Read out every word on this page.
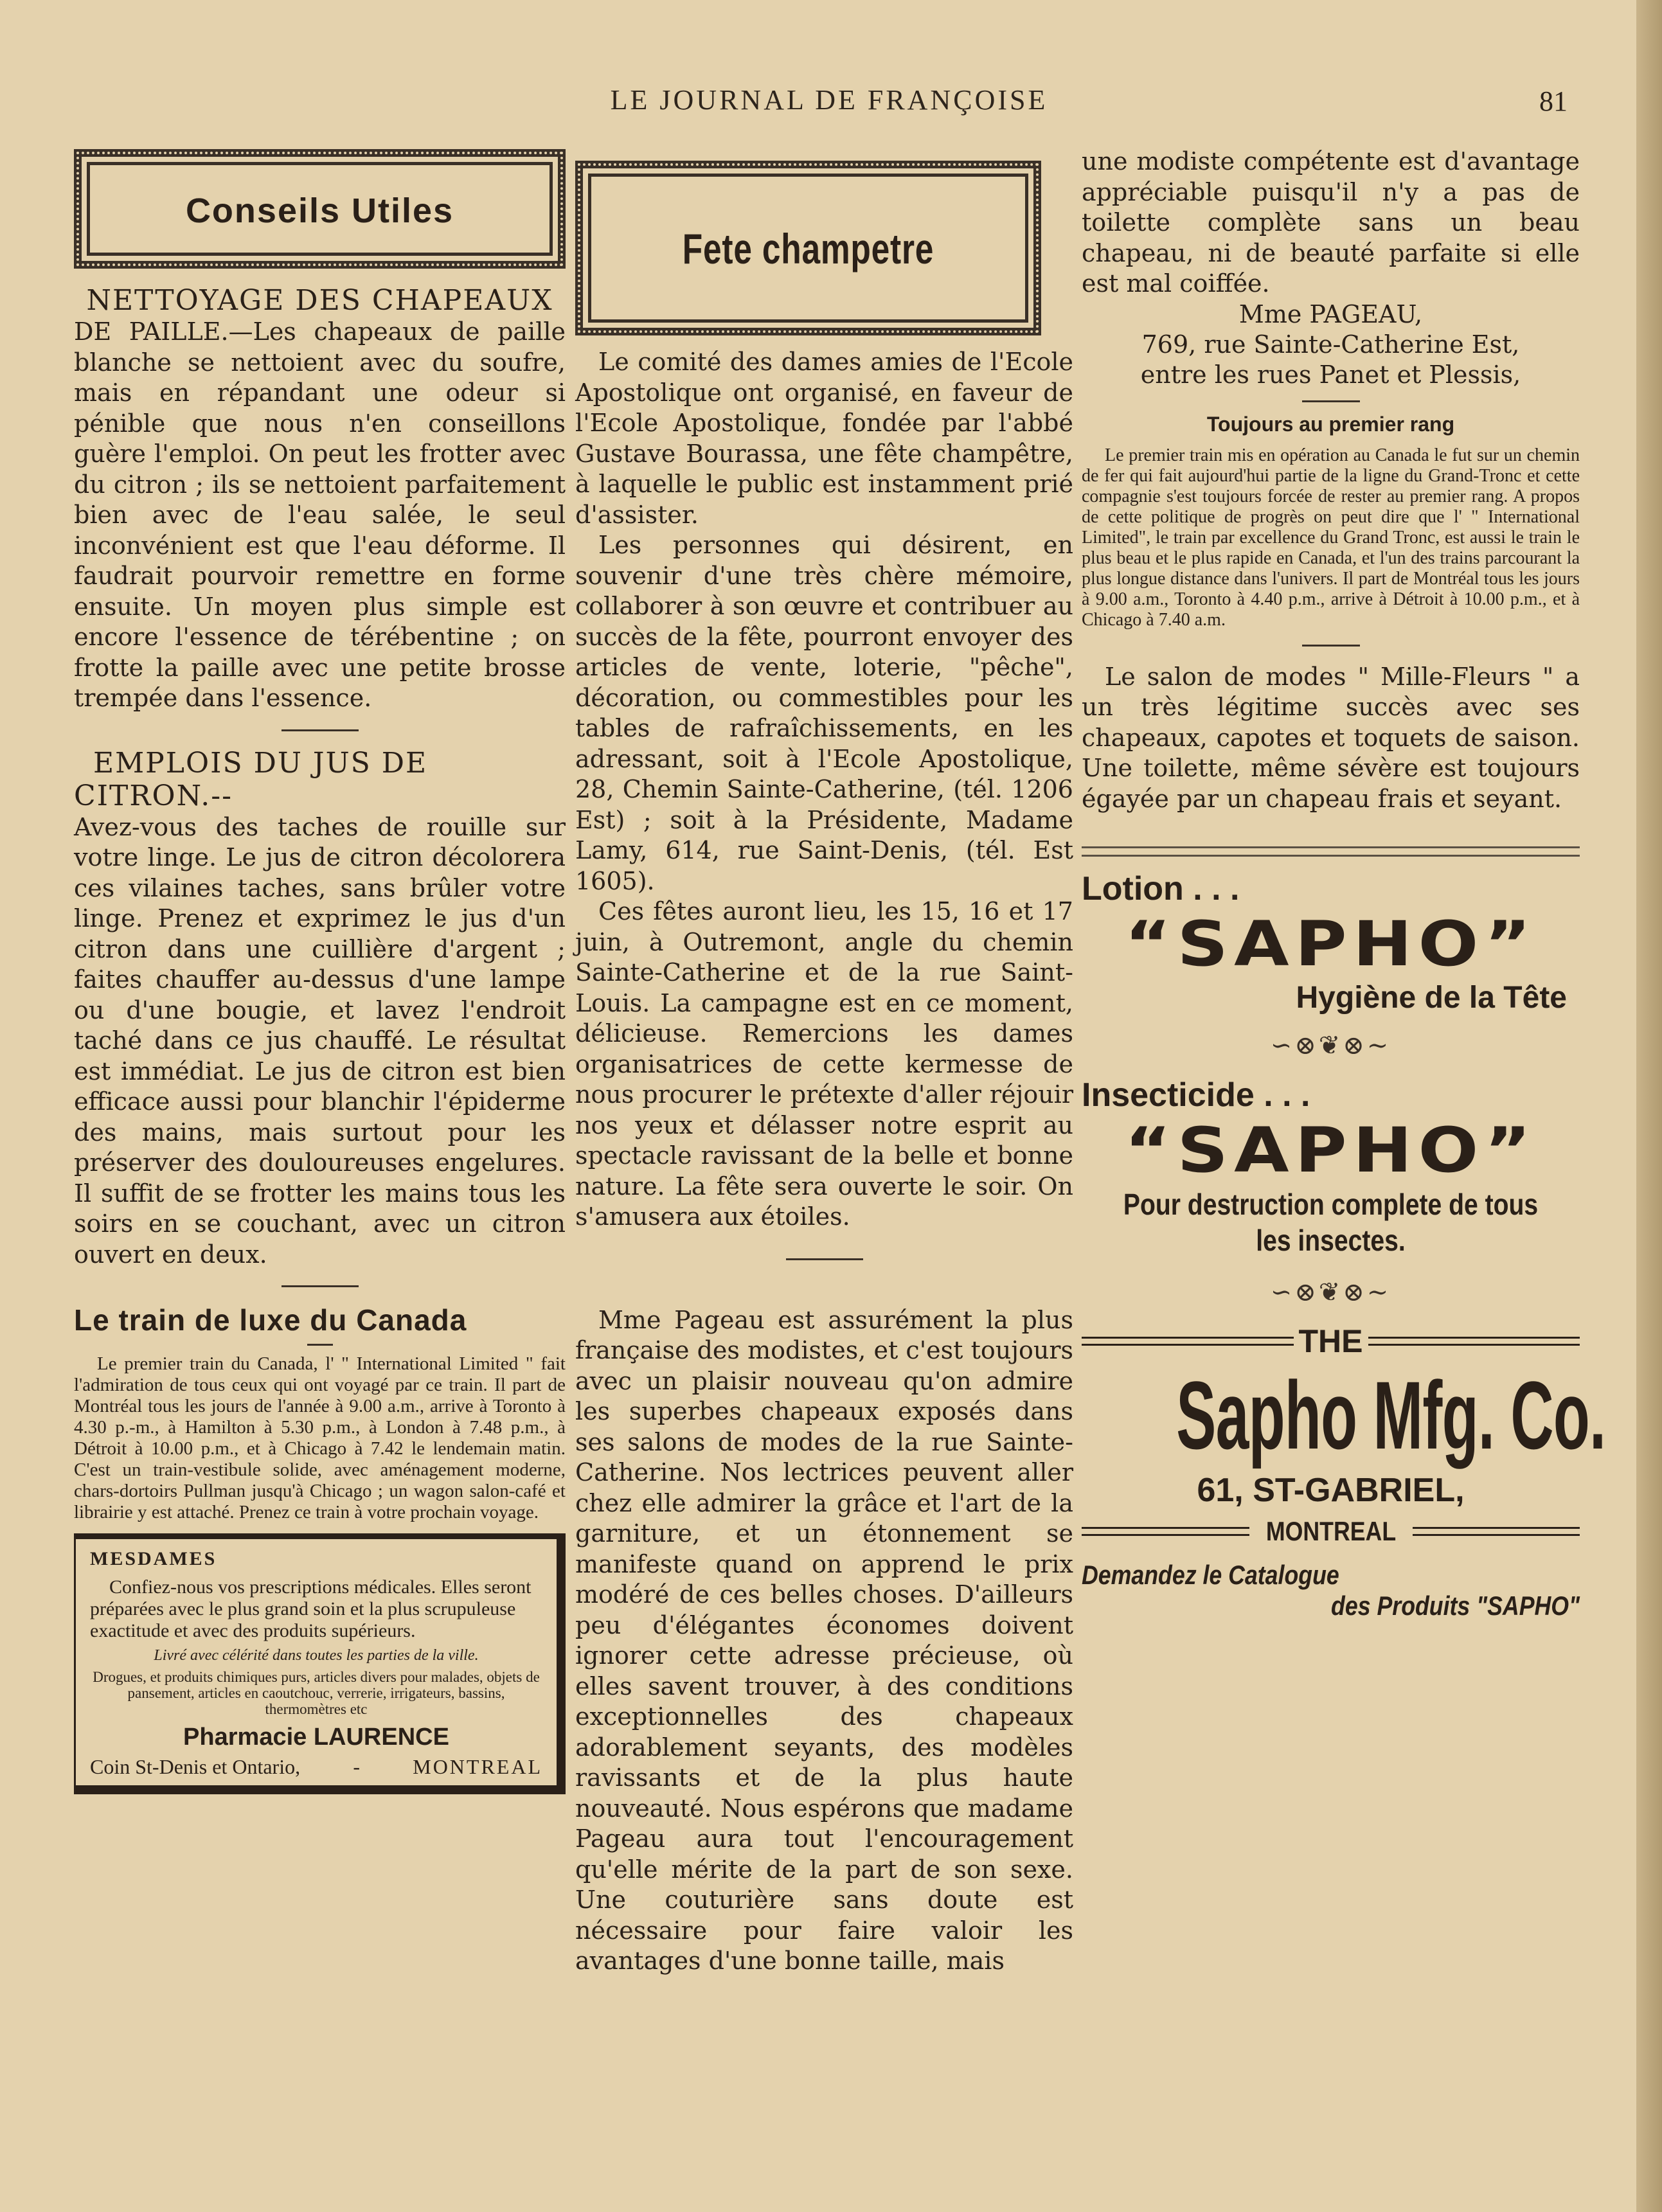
LE JOURNAL DE FRANÇOISE	81
Conseils Utiles
NETTOYAGE DES CHAPEAUX

DE PAILLE.—Les chapeaux de paille blanche se nettoient avec du soufre, mais en répandant une odeur si pénible que nous n'en conseillons guère l'emploi. On peut les frotter avec du citron ; ils se nettoient parfaitement bien avec de l'eau salée, le seul inconvénient est que l'eau déforme. Il faudrait pourvoir remettre en forme ensuite. Un moyen plus simple est encore l'essence de térébentine ; on frotte la paille avec une petite brosse trempée dans l'essence.

EMPLOIS DU JUS DE CITRON.--

Avez-vous des taches de rouille sur votre linge. Le jus de citron décolorera ces vilaines taches, sans brûler votre linge. Prenez et exprimez le jus d'un citron dans une cuillière d'argent ; faites chauffer au-dessus d'une lampe ou d'une bougie, et lavez l'endroit taché dans ce jus chauffé. Le résultat est immédiat. Le jus de citron est bien efficace aussi pour blanchir l'épiderme des mains, mais surtout pour les préserver des douloureuses engelures. Il suffit de se frotter les mains tous les soirs en se couchant, avec un citron ouvert en deux.

Le train de luxe du Canada

Le premier train du Canada, l' " International Limited " fait l'admiration de tous ceux qui ont voyagé par ce train. Il part de Montréal tous les jours de l'année à 9.00 a.m., arrive à Toronto à 4.30 p.-m., à Hamilton à 5.30 p.m., à London à 7.48 p.m., à Détroit à 10.00 p.m., et à Chicago à 7.42 le lendemain matin. C'est un train-vestibule solide, avec aménagement moderne, chars-dortoirs Pullman jusqu'à Chicago ; un wagon salon-café et librairie y est attaché. Prenez ce train à votre prochain voyage.

MESDAMES

Confiez-nous vos prescriptions médicales. Elles seront préparées avec le plus grand soin et la plus scrupuleuse exactitude et avec des produits supérieurs.

Livré avec célérité dans toutes les parties de la ville.

Drogues, et produits chimiques purs, articles divers pour malades, objets de pansement, articles en caoutchouc, verrerie, irrigateurs, bassins, thermomètres etc

Pharmacie LAURENCE
Coin St-Denis et Ontario,	-	MONTREAL
Fete champetre

Le comité des dames amies de l'Ecole Apostolique ont organisé, en faveur de l'Ecole Apostolique, fondée par l'abbé Gustave Bourassa, une fête champêtre, à laquelle le public est instamment prié d'assister.

Les personnes qui désirent, en souvenir d'une très chère mémoire, collaborer à son œuvre et contribuer au succès de la fête, pourront envoyer des articles de vente, loterie, "pêche", décoration, ou commestibles pour les tables de rafraîchissements, en les adressant, soit à l'Ecole Apostolique, 28, Chemin Sainte-Catherine, (tél. 1206 Est) ; soit à la Présidente, Madame Lamy, 614, rue Saint-Denis, (tél. Est 1605).

Ces fêtes auront lieu, les 15, 16 et 17 juin, à Outremont, angle du chemin Sainte-Catherine et de la rue Saint-Louis. La campagne est en ce moment, délicieuse. Remercions les dames organisatrices de cette kermesse de nous procurer le prétexte d'aller réjouir nos yeux et délasser notre esprit au spectacle ravissant de la belle et bonne nature. La fête sera ouverte le soir. On s'amusera aux étoiles.

Mme Pageau est assurément la plus française des modistes, et c'est toujours avec un plaisir nouveau qu'on admire les superbes chapeaux exposés dans ses salons de modes de la rue Sainte-Catherine. Nos lectrices peuvent aller chez elle admirer la grâce et l'art de la garniture, et un étonnement se manifeste quand on apprend le prix modéré de ces belles choses. D'ailleurs peu d'élégantes économes doivent ignorer cette adresse précieuse, où elles savent trouver, à des conditions exceptionnelles des chapeaux adorablement seyants, des modèles ravissants et de la plus haute nouveauté. Nous espérons que madame Pageau aura tout l'encouragement qu'elle mérite de la part de son sexe. Une couturière sans doute est nécessaire pour faire valoir les avantages d'une bonne taille, mais

une modiste compétente est d'avantage appréciable puisqu'il n'y a pas de toilette complète sans un beau chapeau, ni de beauté parfaite si elle est mal coiffée.

Mme PAGEAU,
769, rue Sainte-Catherine Est,
entre les rues Panet et Plessis,
Toujours au premier rang

Le premier train mis en opération au Canada le fut sur un chemin de fer qui fait aujourd'hui partie de la ligne du Grand-Tronc et cette compagnie s'est toujours forcée de rester au premier rang. A propos de cette politique de progrès on peut dire que l' " International Limited", le train par excellence du Grand Tronc, est aussi le train le plus beau et le plus rapide en Canada, et l'un des trains parcourant la plus longue distance dans l'univers. Il part de Montréal tous les jours à 9.00 a.m., Toronto à 4.40 p.m., arrive à Détroit à 10.00 p.m., et à Chicago à 7.40 a.m.

Le salon de modes " Mille-Fleurs " a un très légitime succès avec ses chapeaux, capotes et toquets de saison. Une toilette, même sévère est toujours égayée par un chapeau frais et seyant.

Lotion . . .
“SAPHO”
Hygiène de la Tête
∽⊗❦⊗∼
Insecticide . . .
“SAPHO”
Pour destruction complete de tous les insectes.
∽⊗❦⊗∼
THE
Sapho Mfg. Co.
61, ST-GABRIEL,
MONTREAL
Demandez le Catalogue
des Produits "SAPHO"
